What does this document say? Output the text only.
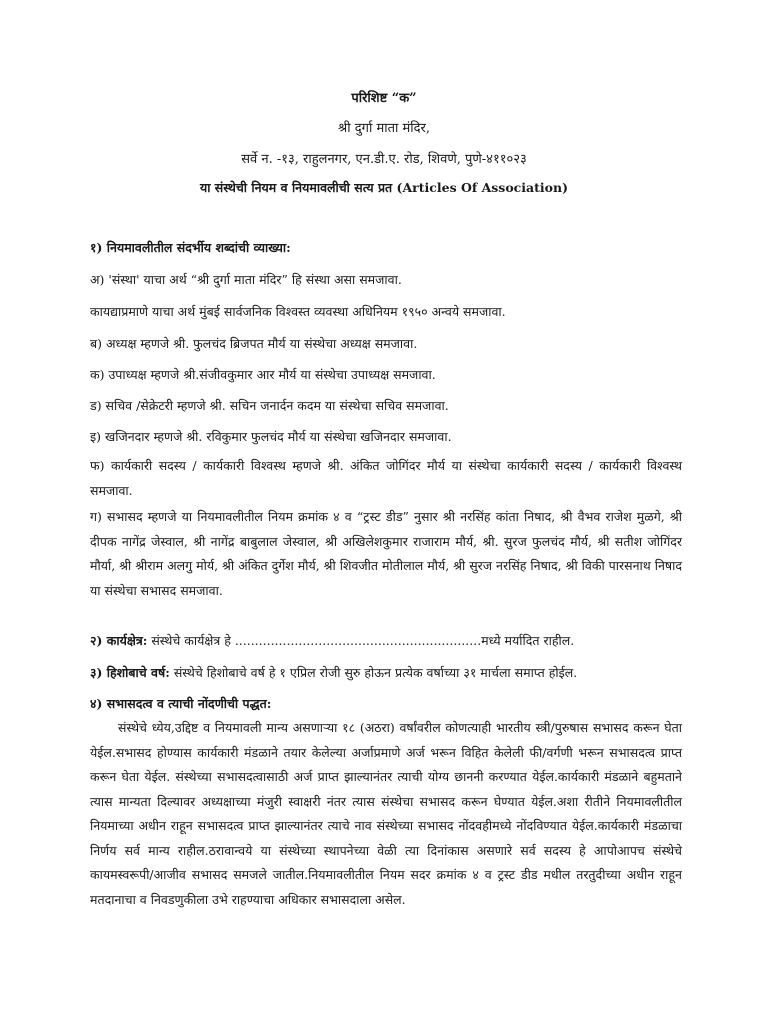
परिशिष्ट “क”
श्री दुर्गा माता मंदिर,
सर्वे न. -१३, राहुलनगर, एन.डी.ए. रोड, शिवणे, पुणे-४११०२३
या संस्थेची नियम व नियमावलीची सत्य प्रत (Articles Of Association)
१) नियमावलीतील संदर्भीय शब्दांची व्याख्या:
अ) 'संस्था' याचा अर्थ “श्री दुर्गा माता मंदिर” हि संस्था असा समजावा.
कायद्याप्रमाणे याचा अर्थ मुंबई सार्वजनिक विश्वस्त व्यवस्था अधिनियम १९५० अन्वये समजावा.
ब) अध्यक्ष म्हणजे श्री. फुलचंद ब्रिजपत मौर्य या संस्थेचा अध्यक्ष समजावा.
क) उपाध्यक्ष म्हणजे श्री.संजीवकुमार आर मौर्य या संस्थेचा उपाध्यक्ष समजावा.
ड) सचिव /सेक्रेटरी म्हणजे श्री. सचिन जनार्दन कदम या संस्थेचा सचिव समजावा.
इ) खजिनदार म्हणजे श्री. रविकुमार फुलचंद मौर्य या संस्थेचा खजिनदार समजावा.
फ) कार्यकारी सदस्य / कार्यकारी विश्वस्थ म्हणजे श्री. अंकित जोगिंदर मौर्य या संस्थेचा कार्यकारी सदस्य / कार्यकारी विश्वस्थ समजावा.
ग) सभासद म्हणजे या नियमावलीतील नियम क्रमांक ४ व “ट्रस्ट डीड” नुसार श्री नरसिंह कांता निषाद, श्री वैभव राजेश मुळगे, श्री दीपक नागेंद्र जेस्वाल, श्री नागेंद्र बाबुलाल जेस्वाल, श्री अखिलेशकुमार राजाराम मौर्य, श्री. सुरज फुलचंद मौर्य, श्री सतीश जोगिंदर मौर्या, श्री श्रीराम अलगु मोर्य, श्री अंकित दुर्गेश मौर्य, श्री शिवजीत मोतीलाल मौर्य, श्री सुरज नरसिंह निषाद, श्री विकी पारसनाथ निषाद या संस्थेचा सभासद समजावा.
२) कार्यक्षेत्र: संस्थेचे कार्यक्षेत्र हे ..............................................................मध्ये मर्यादित राहील.
३) हिशोबाचे वर्ष: संस्थेचे हिशोबाचे वर्ष हे १ एप्रिल रोजी सुरु होऊन प्रत्येक वर्षाच्या ३१ मार्चला समाप्त होईल.
४) सभासदत्व व त्याची नोंदणीची पद्धत:
संस्थेचे ध्येय,उद्दिष्ट व नियमावली मान्य असणाऱ्या १८ (अठरा) वर्षांवरील कोणत्याही भारतीय स्त्री/पुरुषास सभासद करून घेता येईल.सभासद होण्यास कार्यकारी मंडळाने तयार केलेल्या अर्जाप्रमाणे अर्ज भरून विहित केलेली फी/वर्गणी भरून सभासदत्व प्राप्त करून घेता येईल. संस्थेच्या सभासदत्वासाठी अर्ज प्राप्त झाल्यानंतर त्याची योग्य छाननी करण्यात येईल.कार्यकारी मंडळाने बहुमताने त्यास मान्यता दिल्यावर अध्यक्षाच्या मंजुरी स्वाक्षरी नंतर त्यास संस्थेचा सभासद करून घेण्यात येईल.अशा रीतीने नियमावलीतील नियमाच्या अधीन राहून सभासदत्व प्राप्त झाल्यानंतर त्याचे नाव संस्थेच्या सभासद नोंदवहीमध्ये नोंदविण्यात येईल.कार्यकारी मंडळाचा निर्णय सर्व मान्य राहील.ठरावान्वये या संस्थेच्या स्थापनेच्या वेळी त्या दिनांकास असणारे सर्व सदस्य हे आपोआपच संस्थेचे कायमस्वरूपी/आजीव सभासद समजले जातील.नियमावलीतील नियम सदर क्रमांक ४ व ट्रस्ट डीड मधील तरतुदीच्या अधीन राहून मतदानाचा व निवडणुकीला उभे राहण्याचा अधिकार सभासदाला असेल.
